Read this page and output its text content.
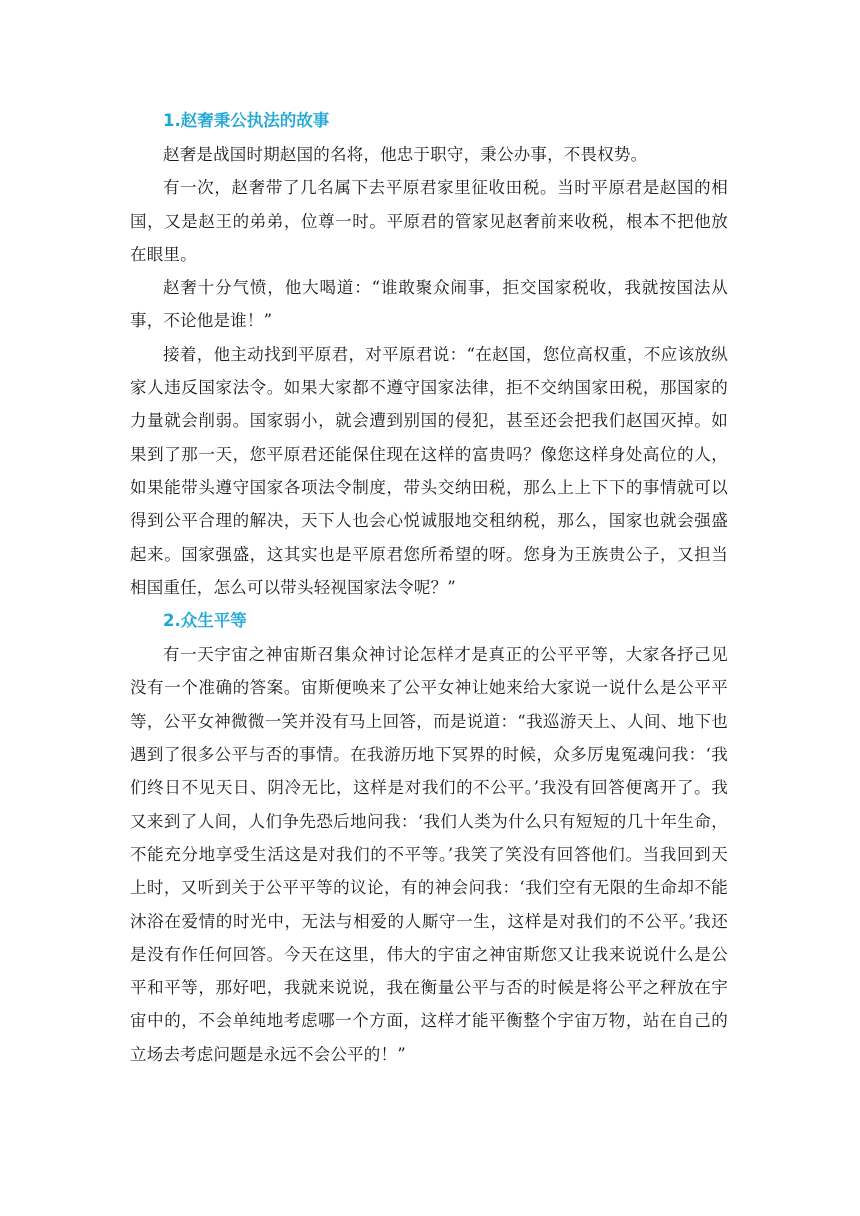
1.赵奢秉公执法的故事

赵奢是战国时期赵国的名将，他忠于职守，秉公办事，不畏权势。

有一次，赵奢带了几名属下去平原君家里征收田税。当时平原君是赵国的相国，又是赵王的弟弟，位尊一时。平原君的管家见赵奢前来收税，根本不把他放在眼里。

赵奢十分气愤，他大喝道：“谁敢聚众闹事，拒交国家税收，我就按国法从事，不论他是谁！”

接着，他主动找到平原君，对平原君说：“在赵国，您位高权重，不应该放纵家人违反国家法令。如果大家都不遵守国家法律，拒不交纳国家田税，那国家的力量就会削弱。国家弱小，就会遭到别国的侵犯，甚至还会把我们赵国灭掉。如果到了那一天，您平原君还能保住现在这样的富贵吗？像您这样身处高位的人，如果能带头遵守国家各项法令制度，带头交纳田税，那么上上下下的事情就可以得到公平合理的解决，天下人也会心悦诚服地交租纳税，那么，国家也就会强盛起来。国家强盛，这其实也是平原君您所希望的呀。您身为王族贵公子，又担当相国重任，怎么可以带头轻视国家法令呢？”

2.众生平等

有一天宇宙之神宙斯召集众神讨论怎样才是真正的公平平等，大家各抒己见没有一个准确的答案。宙斯便唤来了公平女神让她来给大家说一说什么是公平平等，公平女神微微一笑并没有马上回答，而是说道：“我巡游天上、人间、地下也遇到了很多公平与否的事情。在我游历地下冥界的时候，众多厉鬼冤魂问我：‘我们终日不见天日、阴冷无比，这样是对我们的不公平。’我没有回答便离开了。我又来到了人间，人们争先恐后地问我：‘我们人类为什么只有短短的几十年生命，不能充分地享受生活这是对我们的不平等。’我笑了笑没有回答他们。当我回到天上时，又听到关于公平平等的议论，有的神会问我：‘我们空有无限的生命却不能沐浴在爱情的时光中，无法与相爱的人厮守一生，这样是对我们的不公平。’我还是没有作任何回答。今天在这里，伟大的宇宙之神宙斯您又让我来说说什么是公平和平等，那好吧，我就来说说，我在衡量公平与否的时候是将公平之秤放在宇宙中的，不会单纯地考虑哪一个方面，这样才能平衡整个宇宙万物，站在自己的立场去考虑问题是永远不会公平的！”
